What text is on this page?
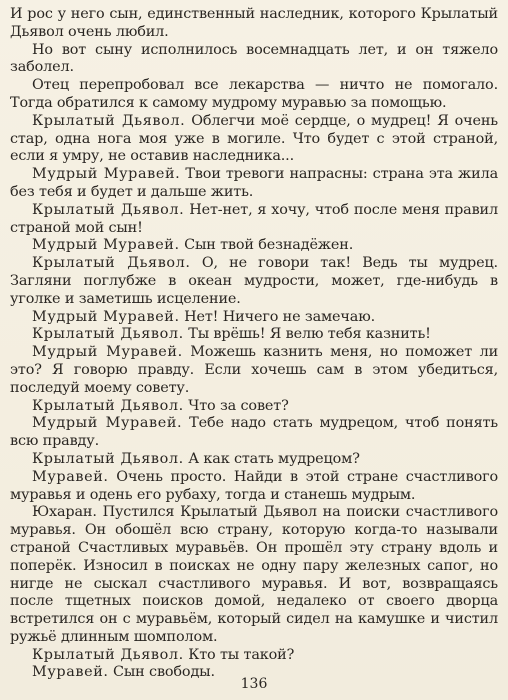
И рос у него сын, единственный наследник, которого Крылатый Дьявол очень любил.

Но вот сыну исполнилось восемнадцать лет, и он тяжело заболел.

Отец перепробовал все лекарства — ничто не помогало. Тогда обратился к самому мудрому муравью за помощью.

Крылатый Дьявол. Облегчи моё сердце, о мудрец! Я очень стар, одна нога моя уже в могиле. Что будет с этой страной, если я умру, не оставив наследника...

Мудрый Муравей. Твои тревоги напрасны: страна эта жила без тебя и будет и дальше жить.

Крылатый Дьявол. Нет-нет, я хочу, чтоб после меня правил страной мой сын!

Мудрый Муравей. Сын твой безнадёжен.

Крылатый Дьявол. О, не говори так! Ведь ты мудрец. Загляни поглубже в океан мудрости, может, где-нибудь в уголке и заметишь исцеление.

Мудрый Муравей. Нет! Ничего не замечаю.

Крылатый Дьявол. Ты врёшь! Я велю тебя казнить!

Мудрый Муравей. Можешь казнить меня, но поможет ли это? Я говорю правду. Если хочешь сам в этом убедиться, последуй моему совету.

Крылатый Дьявол. Что за совет?

Мудрый Муравей. Тебе надо стать мудрецом, чтоб понять всю правду.

Крылатый Дьявол. А как стать мудрецом?

Муравей. Очень просто. Найди в этой стране счастливого муравья и одень его рубаху, тогда и станешь мудрым.

Юхаран. Пустился Крылатый Дьявол на поиски счастливого муравья. Он обошёл всю страну, которую когда-то называли страной Счастливых муравьёв. Он прошёл эту страну вдоль и поперёк. Износил в поисках не одну пару железных сапог, но нигде не сыскал счастливого муравья. И вот, возвращаясь после тщетных поисков домой, недалеко от своего дворца встретился он с муравьём, который сидел на камушке и чистил ружьё длинным шомполом.

Крылатый Дьявол. Кто ты такой?

Муравей. Сын свободы.

136
